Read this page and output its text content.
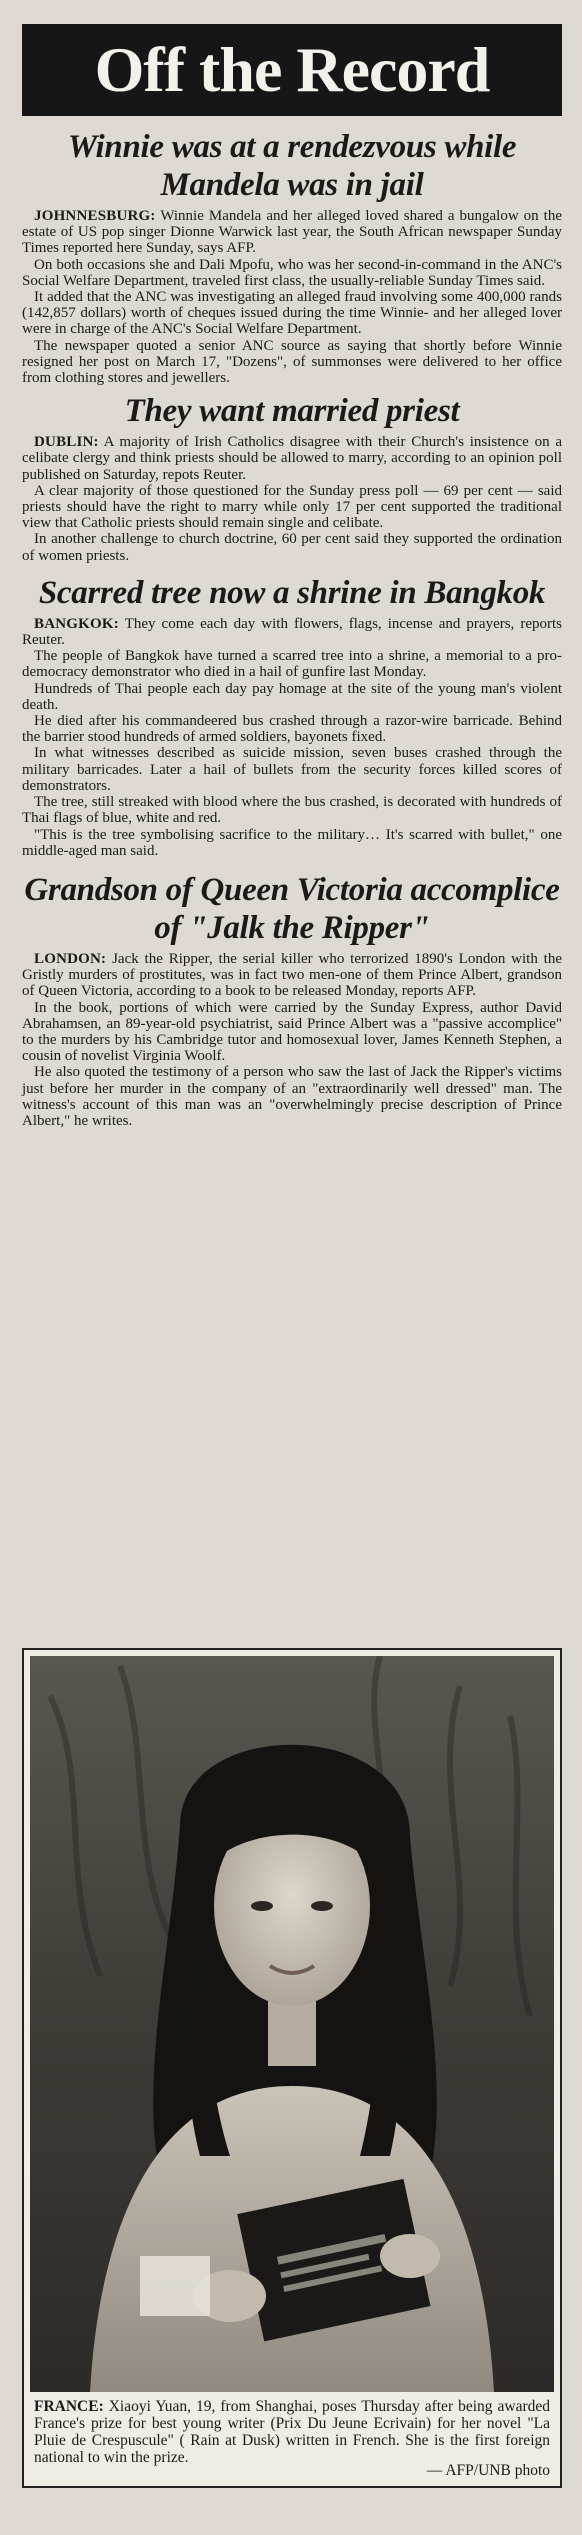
Off the Record
Winnie was at a rendezvous while Mandela was in jail

JOHNNESBURG: Winnie Mandela and her alleged loved shared a bungalow on the estate of US pop singer Dionne Warwick last year, the South African newspaper Sunday Times reported here Sunday, says AFP.

On both occasions she and Dali Mpofu, who was her second-in-command in the ANC's Social Welfare Department, traveled first class, the usually-reliable Sunday Times said.

It added that the ANC was investigating an alleged fraud involving some 400,000 rands (142,857 dollars) worth of cheques issued during the time Winnie- and her alleged lover were in charge of the ANC's Social Welfare Department.

The newspaper quoted a senior ANC source as saying that shortly before Winnie resigned her post on March 17, "Dozens", of summonses were delivered to her office from clothing stores and jewellers.

They want married priest

DUBLIN: A majority of Irish Catholics disagree with their Church's insistence on a celibate clergy and think priests should be allowed to marry, according to an opinion poll published on Saturday, repots Reuter.

A clear majority of those questioned for the Sunday press poll — 69 per cent — said priests should have the right to marry while only 17 per cent supported the traditional view that Catholic priests should remain single and celibate.

In another challenge to church doctrine, 60 per cent said they supported the ordination of women priests.

Scarred tree now a shrine in Bangkok

BANGKOK: They come each day with flowers, flags, incense and prayers, reports Reuter.

The people of Bangkok have turned a scarred tree into a shrine, a memorial to a pro-democracy demonstrator who died in a hail of gunfire last Monday.

Hundreds of Thai people each day pay homage at the site of the young man's violent death.

He died after his commandeered bus crashed through a razor-wire barricade. Behind the barrier stood hundreds of armed soldiers, bayonets fixed.

In what witnesses described as suicide mission, seven buses crashed through the military barricades. Later a hail of bullets from the security forces killed scores of demonstrators.

The tree, still streaked with blood where the bus crashed, is decorated with hundreds of Thai flags of blue, white and red.

"This is the tree symbolising sacrifice to the military… It's scarred with bullet," one middle-aged man said.

Grandson of Queen Victoria accomplice of "Jalk the Ripper"

LONDON: Jack the Ripper, the serial killer who terrorized 1890's London with the Gristly murders of prostitutes, was in fact two men-one of them Prince Albert, grandson of Queen Victoria, according to a book to be released Monday, reports AFP.

In the book, portions of which were carried by the Sunday Express, author David Abrahamsen, an 89-year-old psychiatrist, said Prince Albert was a "passive accomplice" to the murders by his Cambridge tutor and homosexual lover, James Kenneth Stephen, a cousin of novelist Virginia Woolf.

He also quoted the testimony of a person who saw the last of Jack the Ripper's victims just before her murder in the company of an "extraordinarily well dressed" man. The witness's account of this man was an "overwhelmingly precise description of Prince Albert," he writes.

FRANCE: Xiaoyi Yuan, 19, from Shanghai, poses Thursday after being awarded France's prize for best young writer (Prix Du Jeune Ecrivain) for her novel "La Pluie de Crespuscule" ( Rain at Dusk) written in French. She is the first foreign national to win the prize.
— AFP/UNB photo
